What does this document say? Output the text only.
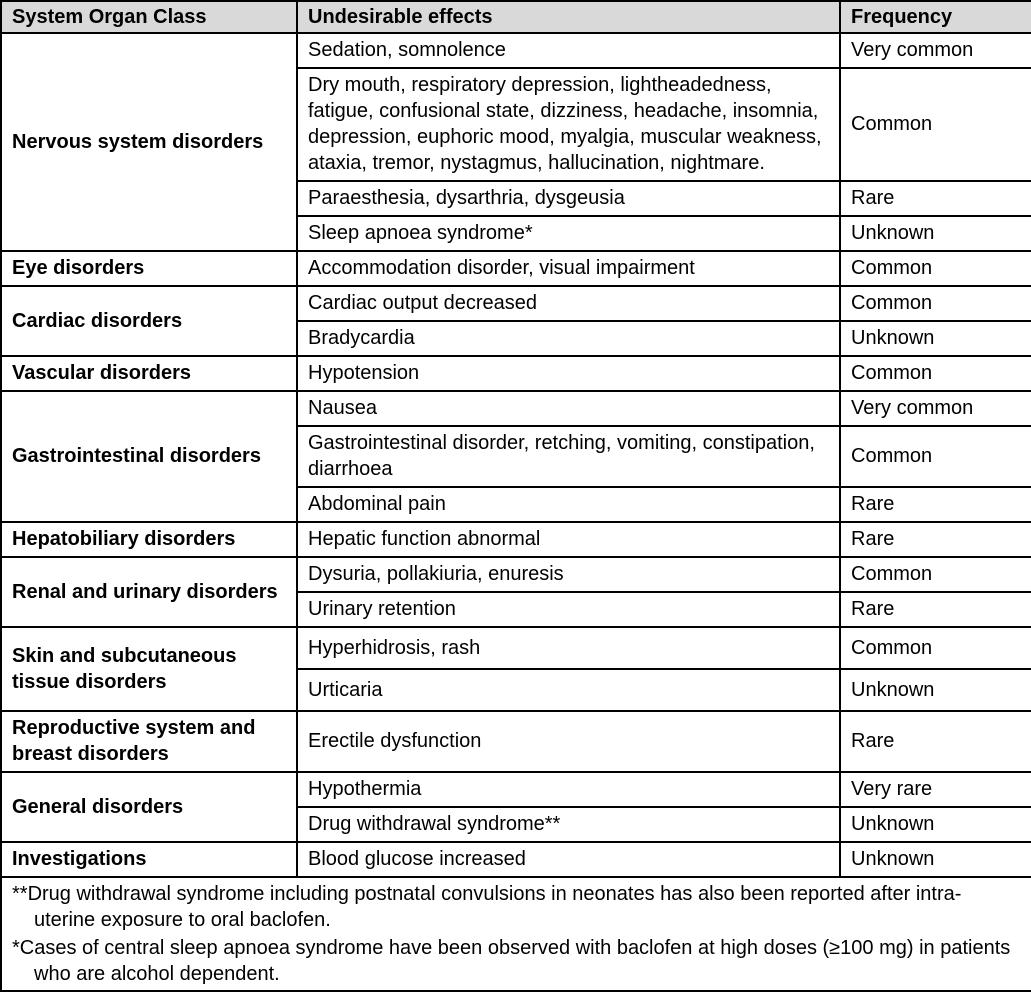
System Organ Class	Undesirable effects	Frequency
Nervous system disorders	Sedation, somnolence	Very common
	Dry mouth, respiratory depression, lightheadedness, fatigue, confusional state, dizziness, headache, insomnia, depression, euphoric mood, myalgia, muscular weakness, ataxia, tremor, nystagmus, hallucination, nightmare.	Common
	Paraesthesia, dysarthria, dysgeusia	Rare
	Sleep apnoea syndrome*	Unknown
Eye disorders	Accommodation disorder, visual impairment	Common
Cardiac disorders	Cardiac output decreased	Common
	Bradycardia	Unknown
Vascular disorders	Hypotension	Common
Gastrointestinal disorders	Nausea	Very common
	Gastrointestinal disorder, retching, vomiting, constipation, diarrhoea	Common
	Abdominal pain	Rare
Hepatobiliary disorders	Hepatic function abnormal	Rare
Renal and urinary disorders	Dysuria, pollakiuria, enuresis	Common
	Urinary retention	Rare
Skin and subcutaneous tissue disorders	Hyperhidrosis, rash	Common
	Urticaria	Unknown
Reproductive system and breast disorders	Erectile dysfunction	Rare
General disorders	Hypothermia	Very rare
	Drug withdrawal syndrome**	Unknown
Investigations	Blood glucose increased	Unknown

**Drug withdrawal syndrome including postnatal convulsions in neonates has also been reported after intra-uterine exposure to oral baclofen.
*Cases of central sleep apnoea syndrome have been observed with baclofen at high doses (≥100 mg) in patients who are alcohol dependent.		
